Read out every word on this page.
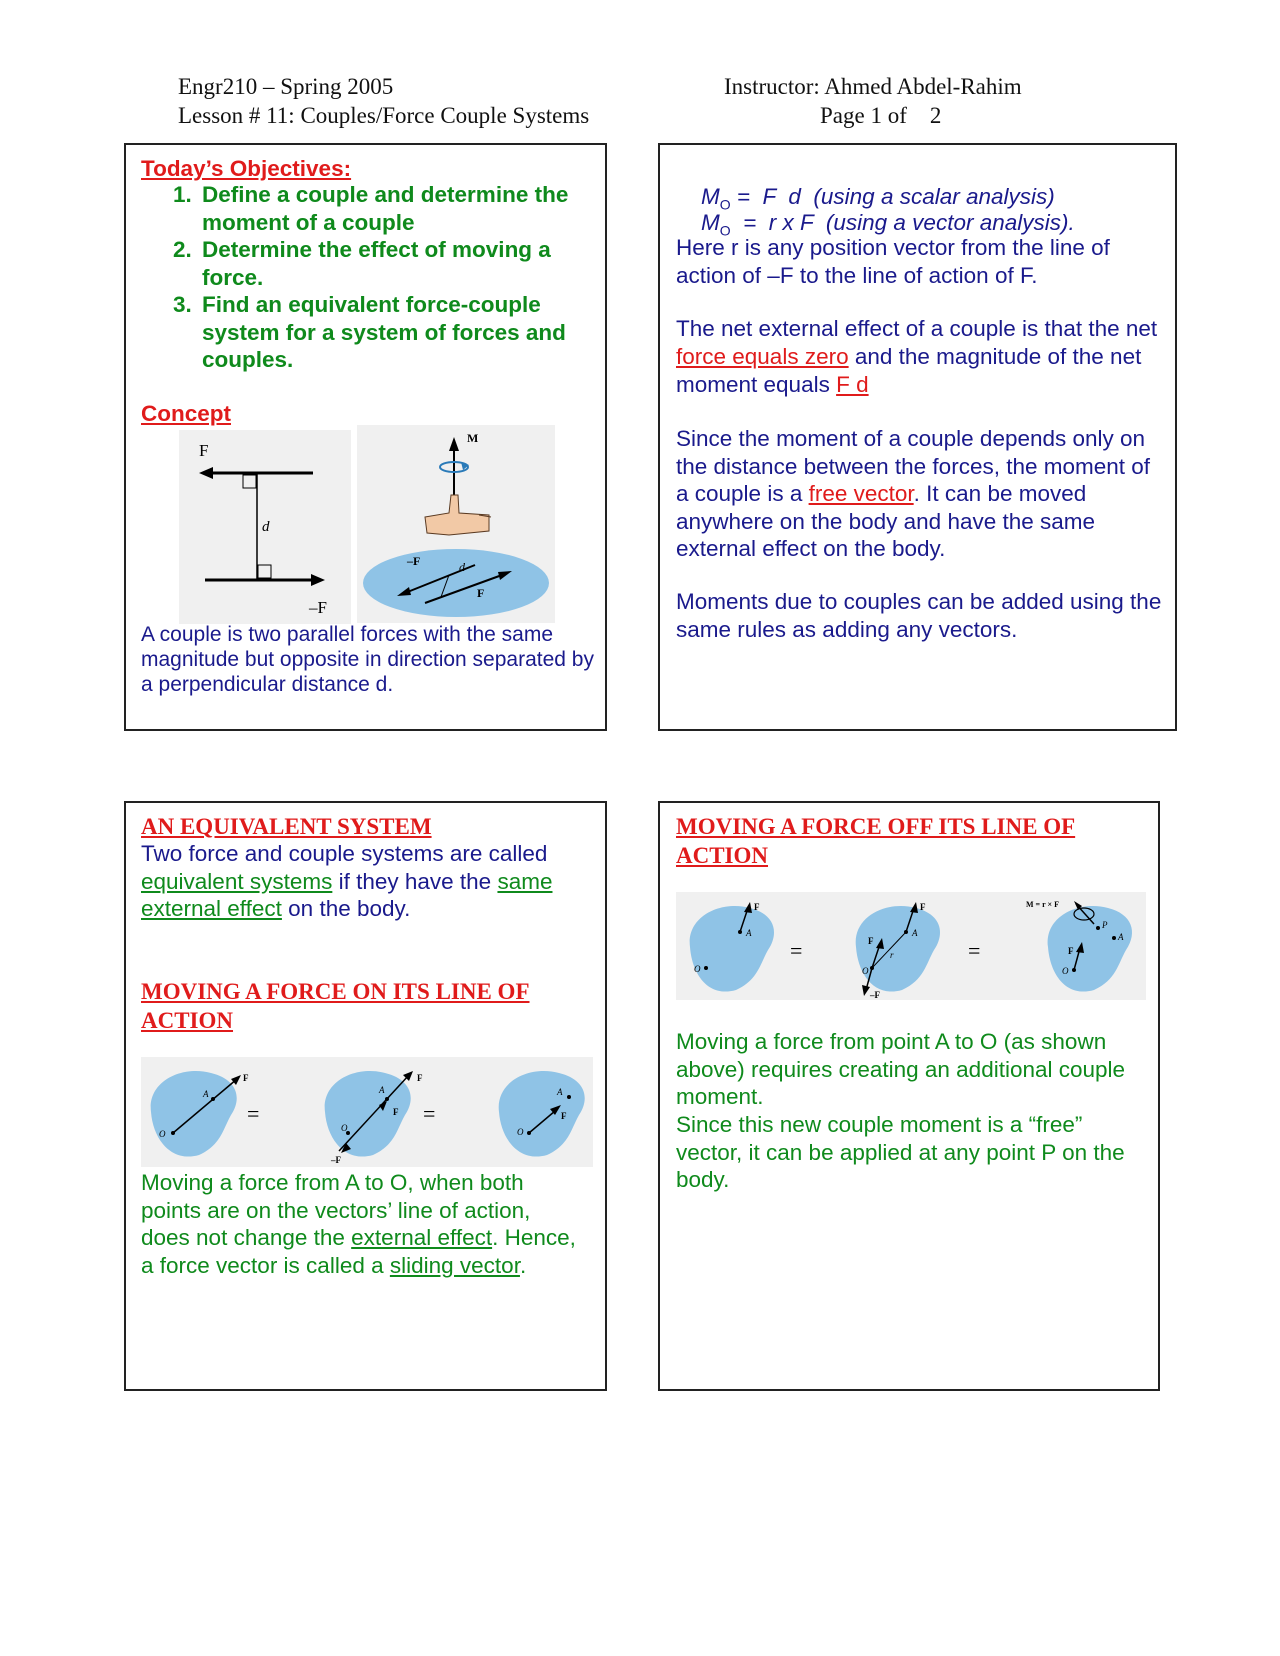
Engr210 – Spring 2005
Lesson # 11: Couples/Force Couple Systems
Instructor: Ahmed Abdel-Rahim
Page 1 of    2
Today’s Objectives:
1. Define a couple and determine the moment of a couple
2. Determine the effect of moving a force.
3. Find an equivalent force-couple system for a system of forces and couples.
Concept
F
d
–F
M
–F	d
F
A couple is two parallel forces with the same magnitude but opposite in direction separated by a perpendicular distance d.

$M_O = F$  d  (using a scalar analysis)

$M_O = r$ x F  (using a vector analysis).

Here r is any position vector from the line of action of –F to the line of action of F.
The net external effect of a couple is that the net force equals zero and the magnitude of the net moment equals F d
Since the moment of a couple depends only on the distance between the forces, the moment of a couple is a free vector. It can be moved anywhere on the body and have the same external effect on the body.
Moments due to couples can be added using the same rules as adding any vectors.
AN EQUIVALENT SYSTEM
Two force and couple systems are called equivalent systems if they have the same external effect on the body.
MOVING A FORCE ON ITS LINE OF
ACTION
O
A
F
=
O
A
F
F
–F
=
O
A
F
Moving a force from A to O, when both points are on the vectors’ line of action, does not change the external effect. Hence, a force vector is called a sliding vector.
MOVING A FORCE OFF ITS LINE OF
ACTION
A
O
F
=
A
O
F
F
r
–F
=
O
A
P
F
M = r × F
Moving a force from point A to O (as shown above) requires creating an additional couple moment.
Since this new couple moment is a “free” vector, it can be applied at any point P on the body.
